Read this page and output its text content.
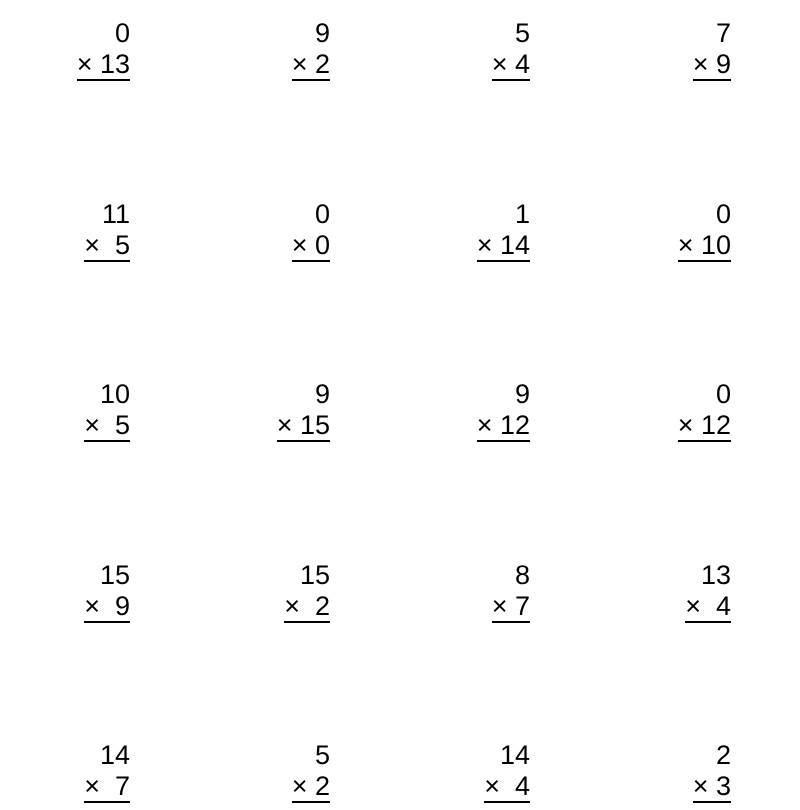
0
× 13
9
× 2
5
× 4
7
× 9
11
×  5
0
× 0
1
× 14
0
× 10
10
×  5
9
× 15
9
× 12
0
× 12
15
×  9
15
×  2
8
× 7
13
×  4
14
×  7
5
× 2
14
×  4
2
× 3
